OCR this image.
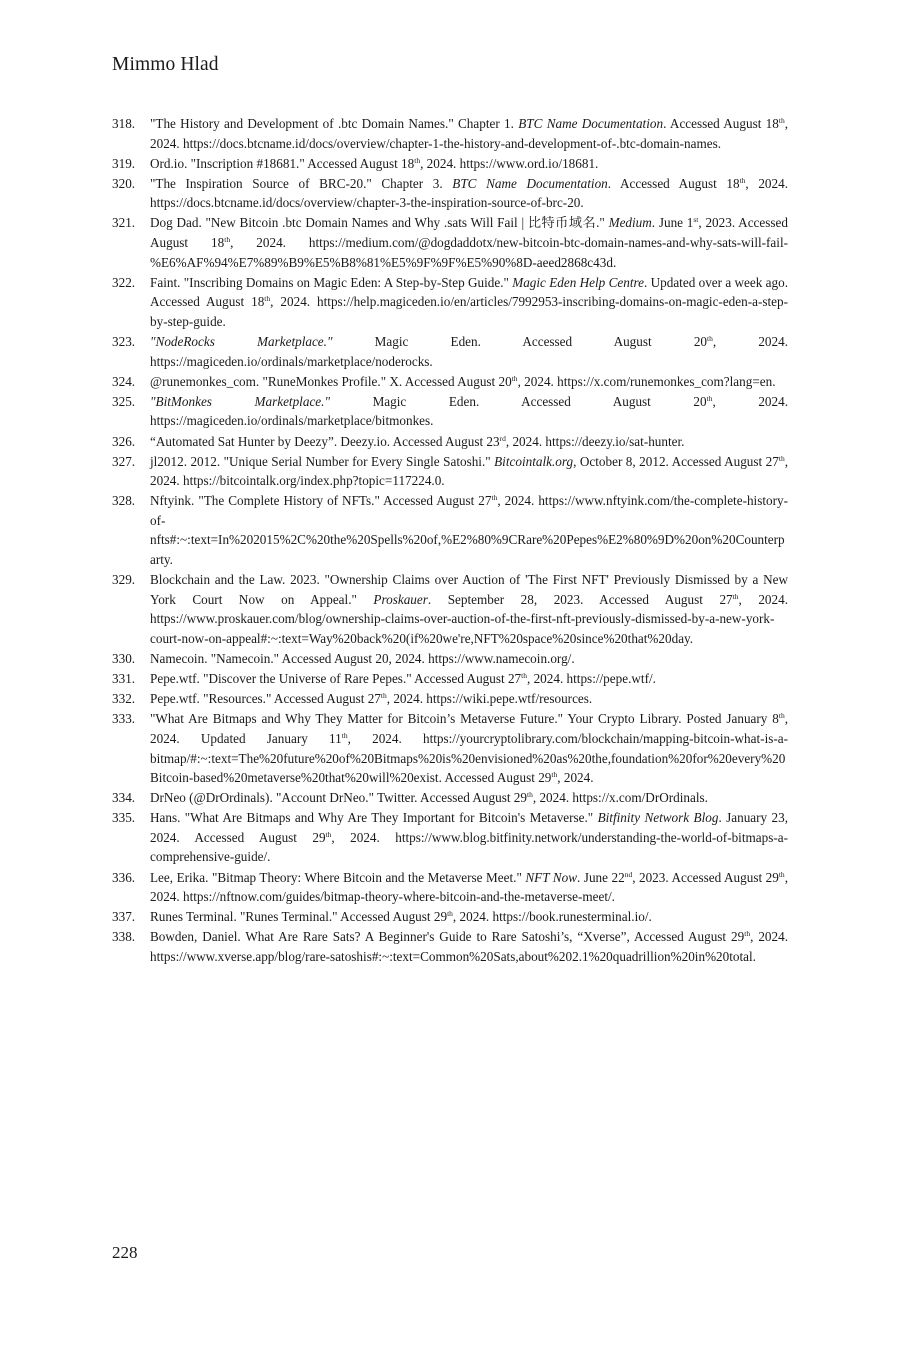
Mimmo Hlad
318. "The History and Development of .btc Domain Names." Chapter 1. BTC Name Documentation. Accessed August 18th, 2024. https://docs.btcname.id/docs/overview/chapter-1-the-history-and-development-of-.btc-domain-names.
319. Ord.io. "Inscription #18681." Accessed August 18th, 2024. https://www.ord.io/18681.
320. "The Inspiration Source of BRC-20." Chapter 3. BTC Name Documentation. Accessed August 18th, 2024. https://docs.btcname.id/docs/overview/chapter-3-the-inspiration-source-of-brc-20.
321. Dog Dad. "New Bitcoin .btc Domain Names and Why .sats Will Fail | 比特币域名." Medium. June 1st, 2023. Accessed August 18th, 2024. https://medium.com/@dogdaddotx/new-bitcoin-btc-domain-names-and-why-sats-will-fail-%E6%AF%94%E7%89%B9%E5%B8%81%E5%9F%9F%E5%90%8D-aeed2868c43d.
322. Faint. "Inscribing Domains on Magic Eden: A Step-by-Step Guide." Magic Eden Help Centre. Updated over a week ago. Accessed August 18th, 2024. https://help.magiceden.io/en/articles/7992953-inscribing-domains-on-magic-eden-a-step-by-step-guide.
323. "NodeRocks Marketplace." Magic Eden. Accessed August 20th, 2024. https://magiceden.io/ordinals/marketplace/noderocks.
324. @runemonkes_com. "RuneMonkes Profile." X. Accessed August 20th, 2024. https://x.com/runemonkes_com?lang=en.
325. "BitMonkes Marketplace." Magic Eden. Accessed August 20th, 2024. https://magiceden.io/ordinals/marketplace/bitmonkes.
326. “Automated Sat Hunter by Deezy”. Deezy.io. Accessed August 23rd, 2024. https://deezy.io/sat-hunter.
327. jl2012. 2012. "Unique Serial Number for Every Single Satoshi." Bitcointalk.org, October 8, 2012. Accessed August 27th, 2024. https://bitcointalk.org/index.php?topic=117224.0.
328. Nftyink. "The Complete History of NFTs." Accessed August 27th, 2024. https://www.nftyink.com/the-complete-history-of-nfts#:~:text=In%202015%2C%20the%20Spells%20of,%E2%80%9CRare%20Pepes%E2%80%9D%20on%20Counterparty.
329. Blockchain and the Law. 2023. "Ownership Claims over Auction of 'The First NFT' Previously Dismissed by a New York Court Now on Appeal." Proskauer. September 28, 2023. Accessed August 27th, 2024. https://www.proskauer.com/blog/ownership-claims-over-auction-of-the-first-nft-previously-dismissed-by-a-new-york-court-now-on-appeal#:~:text=Way%20back%20(if%20we're,NFT%20space%20since%20that%20day.
330. Namecoin. "Namecoin." Accessed August 20, 2024. https://www.namecoin.org/.
331. Pepe.wtf. "Discover the Universe of Rare Pepes." Accessed August 27th, 2024. https://pepe.wtf/.
332. Pepe.wtf. "Resources." Accessed August 27th, 2024. https://wiki.pepe.wtf/resources.
333. "What Are Bitmaps and Why They Matter for Bitcoin’s Metaverse Future." Your Crypto Library. Posted January 8th, 2024. Updated January 11th, 2024. https://yourcryptolibrary.com/blockchain/mapping-bitcoin-what-is-a-bitmap/#:~:text=The%20future%20of%20Bitmaps%20is%20envisioned%20as%20the,foundation%20for%20every%20Bitcoin-based%20metaverse%20that%20will%20exist. Accessed August 29th, 2024.
334. DrNeo (@DrOrdinals). "Account DrNeo." Twitter. Accessed August 29th, 2024. https://x.com/DrOrdinals.
335. Hans. "What Are Bitmaps and Why Are They Important for Bitcoin's Metaverse." Bitfinity Network Blog. January 23, 2024. Accessed August 29th, 2024. https://www.blog.bitfinity.network/understanding-the-world-of-bitmaps-a-comprehensive-guide/.
336. Lee, Erika. "Bitmap Theory: Where Bitcoin and the Metaverse Meet." NFT Now. June 22nd, 2023. Accessed August 29th, 2024. https://nftnow.com/guides/bitmap-theory-where-bitcoin-and-the-metaverse-meet/.
337. Runes Terminal. "Runes Terminal." Accessed August 29th, 2024. https://book.runesterminal.io/.
338. Bowden, Daniel. What Are Rare Sats? A Beginner's Guide to Rare Satoshi’s, “Xverse”, Accessed August 29th, 2024. https://www.xverse.app/blog/rare-satoshis#:~:text=Common%20Sats,about%202.1%20quadrillion%20in%20total.
228
